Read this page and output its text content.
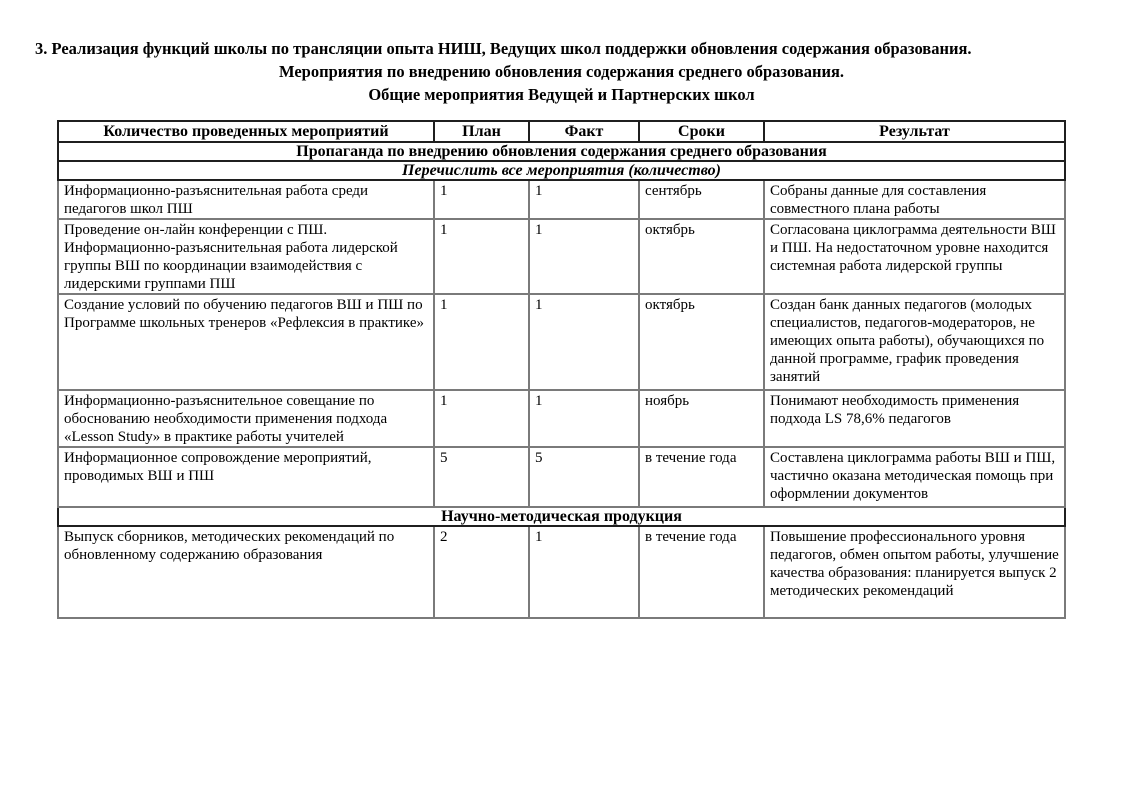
3. Реализация функций школы по трансляции опыта НИШ, Ведущих школ поддержки обновления содержания образования.

Мероприятия по внедрению обновления содержания среднего образования.

Общие мероприятия Ведущей и Партнерских школ

Количество проведенных мероприятий	План	Факт	Сроки	Результат
Пропаганда по внедрению обновления содержания среднего образования				
Перечислить все мероприятия (количество)				
Информационно-разъяснительная работа среди педагогов школ ПШ	1	1	сентябрь	Собраны данные для составления совместного плана работы
Проведение он-лайн конференции с ПШ. Информационно-разъяснительная работа лидерской группы ВШ по координации взаимодействия с лидерскими группами ПШ	1	1	октябрь	Согласована циклограмма деятельности ВШ и ПШ. На недостаточном уровне находится системная работа лидерской группы
Создание условий по обучению педагогов ВШ и ПШ по Программе школьных тренеров «Рефлексия в практике»	1	1	октябрь	Создан банк данных педагогов (молодых специалистов, педагогов-модераторов, не имеющих опыта работы), обучающихся по данной программе, график проведения занятий
Информационно-разъяснительное совещание по обоснованию необходимости применения подхода «Lesson Study» в практике работы учителей	1	1	ноябрь	Понимают необходимость применения подхода LS 78,6% педагогов
Информационное сопровождение мероприятий, проводимых ВШ и ПШ	5	5	в течение года	Составлена циклограмма работы ВШ и ПШ, частично оказана методическая помощь при оформлении документов
Научно-методическая продукция				
Выпуск сборников, методических рекомендаций по обновленному содержанию образования	2	1	в течение года	Повышение профессионального уровня педагогов, обмен опытом работы, улучшение качества образования: планируется выпуск 2 методических рекомендаций
